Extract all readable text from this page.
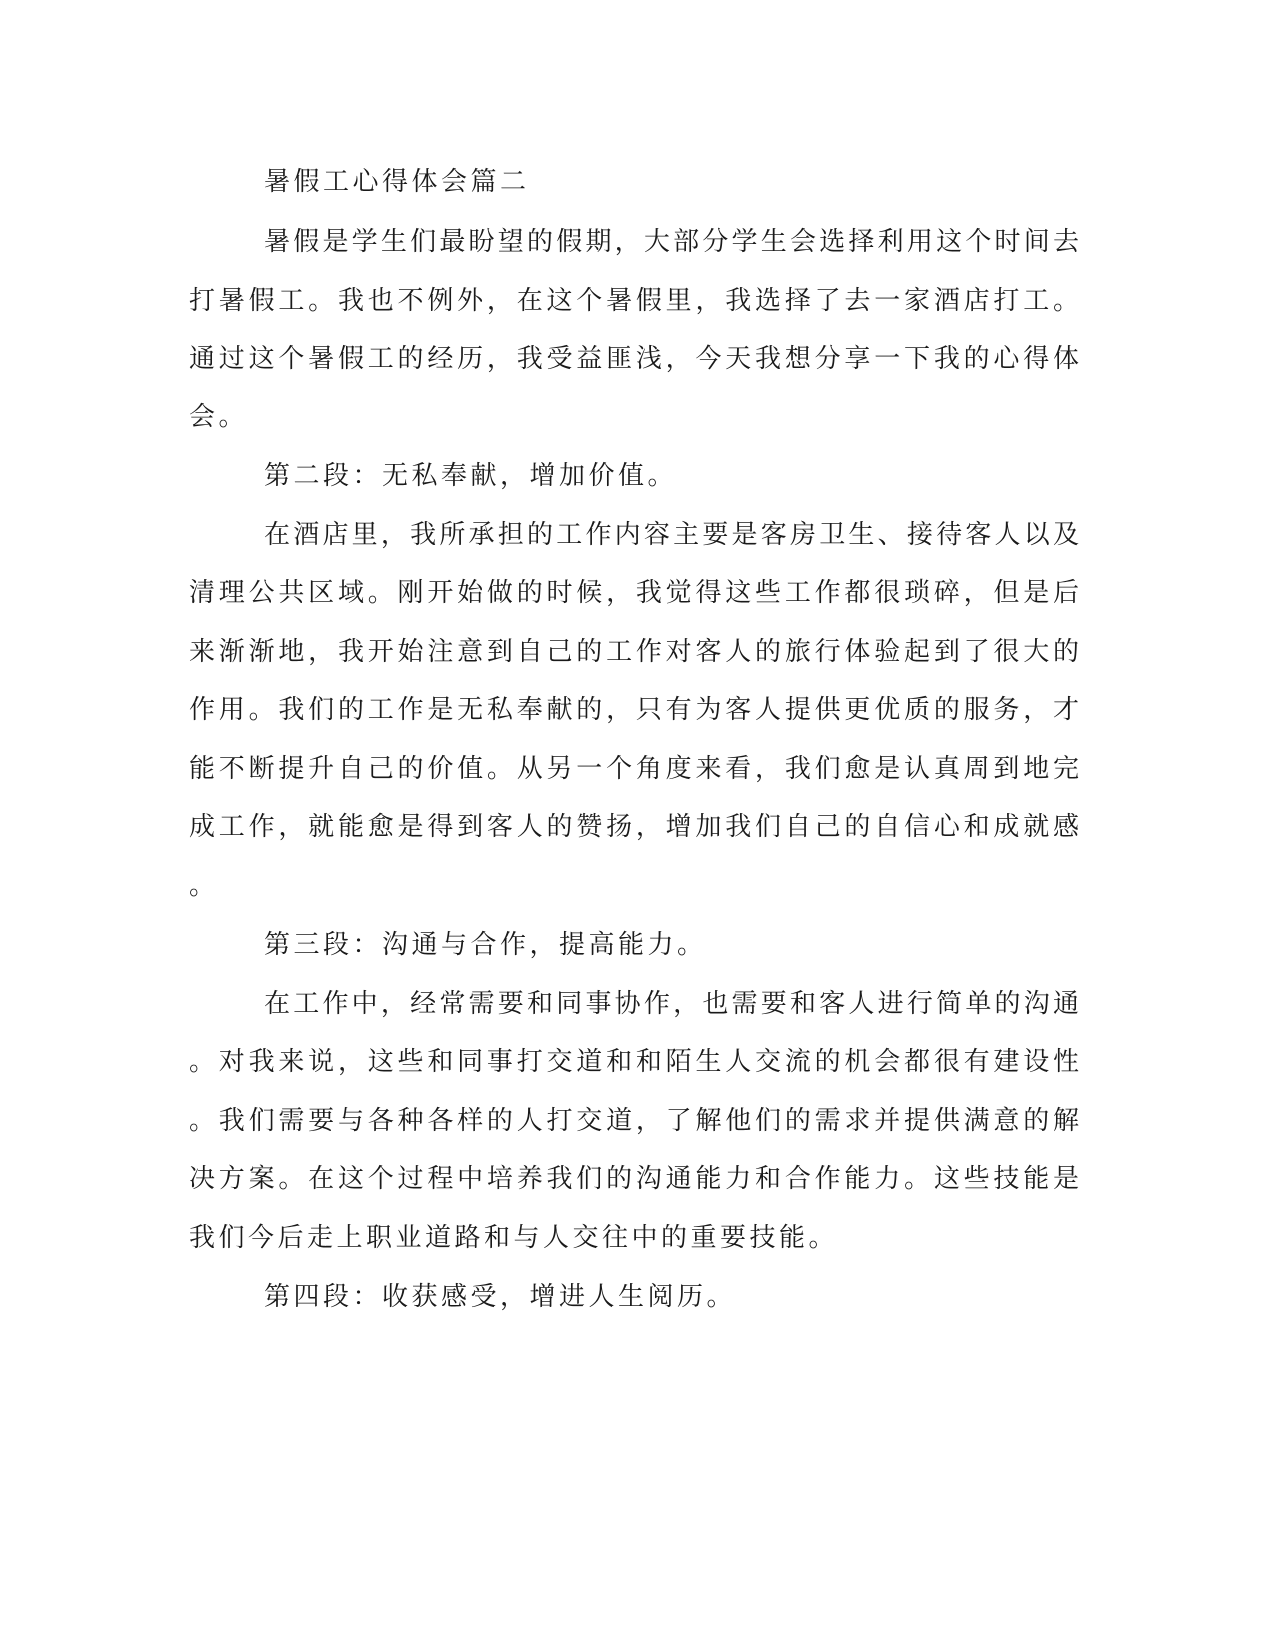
暑假工心得体会篇二
暑假是学生们最盼望的假期，大部分学生会选择利用这个时间去
打暑假工。我也不例外，在这个暑假里，我选择了去一家酒店打工。
通过这个暑假工的经历，我受益匪浅，今天我想分享一下我的心得体
会。
第二段：无私奉献，增加价值。
在酒店里，我所承担的工作内容主要是客房卫生、接待客人以及
清理公共区域。刚开始做的时候，我觉得这些工作都很琐碎，但是后
来渐渐地，我开始注意到自己的工作对客人的旅行体验起到了很大的
作用。我们的工作是无私奉献的，只有为客人提供更优质的服务，才
能不断提升自己的价值。从另一个角度来看，我们愈是认真周到地完
成工作，就能愈是得到客人的赞扬，增加我们自己的自信心和成就感
。
第三段：沟通与合作，提高能力。
在工作中，经常需要和同事协作，也需要和客人进行简单的沟通
。对我来说，这些和同事打交道和和陌生人交流的机会都很有建设性
。我们需要与各种各样的人打交道，了解他们的需求并提供满意的解
决方案。在这个过程中培养我们的沟通能力和合作能力。这些技能是
我们今后走上职业道路和与人交往中的重要技能。
第四段：收获感受，增进人生阅历。
